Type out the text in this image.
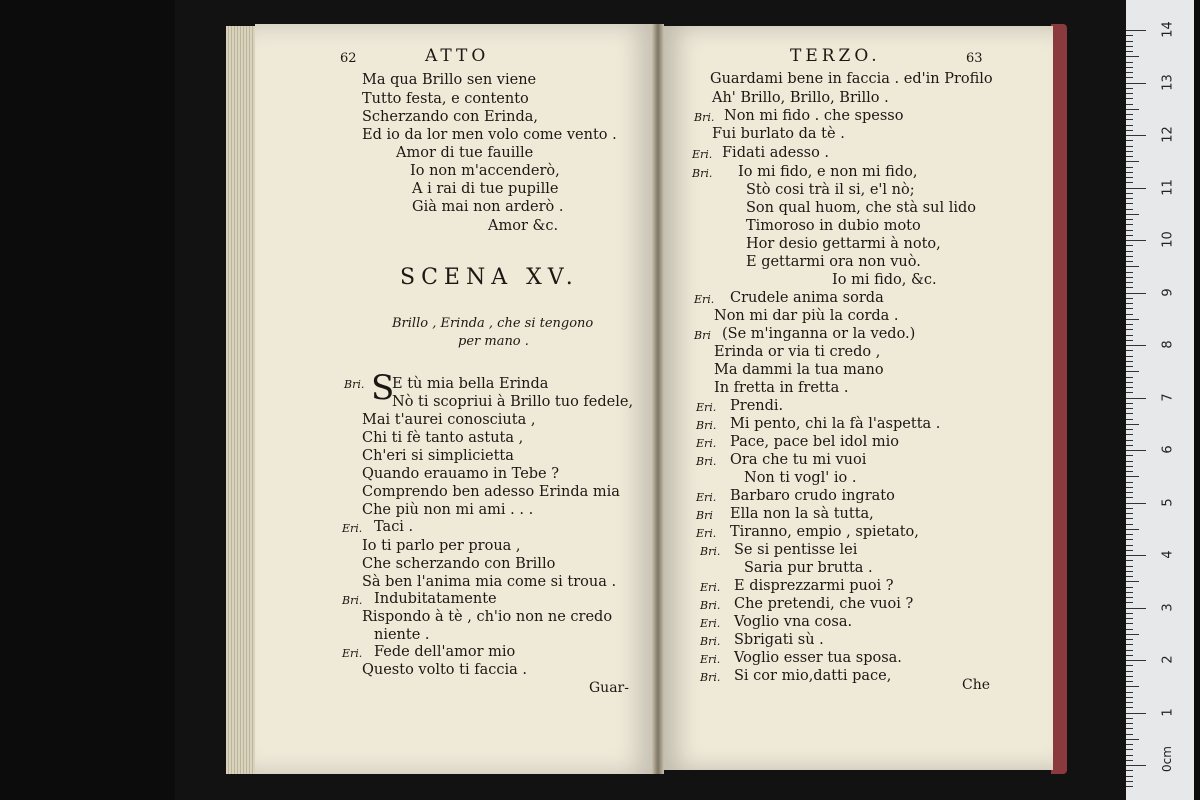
62	ATTO
Ma qua Brillo sen viene
Tutto festa, e contento
Scherzando con Erinda,
Ed io da lor men volo come vento .
Amor di tue fauille
Io non m'accenderò,
A i rai di tue pupille
Già mai non arderò .
Amor &c.
SCENA XV.
Brillo , Erinda , che si tengono
per mano .
S
Bri. E tù mia bella Erinda
Nò ti scopriui à Brillo tuo fedele,
Mai t'aurei conosciuta ,
Chi ti fè tanto astuta ,
Ch'eri si simplicietta
Quando erauamo in Tebe ?
Comprendo ben adesso Erinda mia
Che più non mi ami . . .
Eri. Taci .
Io ti parlo per proua ,
Che scherzando con Brillo
Sà ben l'anima mia come si troua .
Bri. Indubitatamente
Rispondo à tè , ch'io non ne credo
niente .
Eri. Fede dell'amor mio
Questo volto ti faccia .
Guar-
TERZO.	63
Guardami bene in faccia . ed'in Profilo
Ah' Brillo, Brillo, Brillo .
Bri. Non mi fido . che spesso
Fui burlato da tè .
Eri. Fidati adesso .
Bri. Io mi fido, e non mi fido,
Stò cosi trà il si, e'l nò;
Son qual huom, che stà sul lido
Timoroso in dubio moto
Hor desio gettarmi à noto,
E gettarmi ora non vuò.
Io mi fido, &c.
Eri. Crudele anima sorda
Non mi dar più la corda .
Bri (Se m'inganna or la vedo.)
Erinda or via ti credo ,
Ma dammi la tua mano
In fretta in fretta .
Eri. Prendi.
Bri. Mi pento, chi la fà l'aspetta .
Eri. Pace, pace bel idol mio
Bri. Ora che tu mi vuoi
Non ti vogl' io .
Eri. Barbaro crudo ingrato
Bri Ella non la sà tutta,
Eri. Tiranno, empio , spietato,
Bri. Se si pentisse lei
Saria pur brutta .
Eri. E disprezzarmi puoi ?
Bri. Che pretendi, che vuoi ?
Eri. Voglio vna cosa.
Bri. Sbrigati sù .
Eri. Voglio esser tua sposa.
Bri. Si cor mio,datti pace,
Che
0cm
14
13
12
11
10
9
8
7
6
5
4
3
2
1
